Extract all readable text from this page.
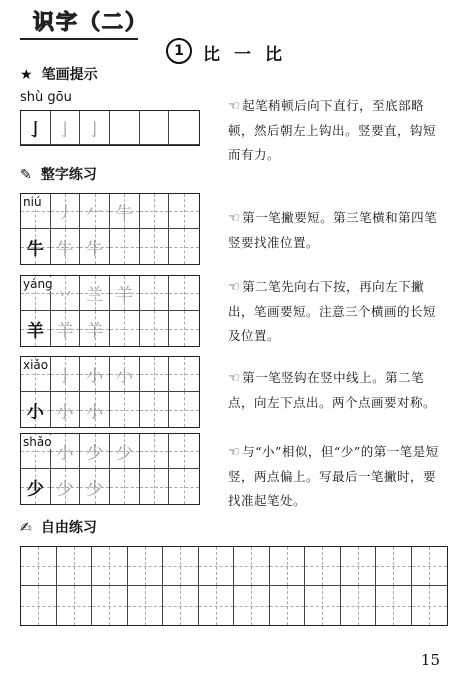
识字（二）
1	比一比
★ 笔画提示
shù gōu
亅 亅 亅
☜ 起笔稍顿后向下直行，至底部略顿，然后朝左上钩出。竖要直，钩短而有力。
✎ 整字练习
niú
丿 𠂉 牛
牛 牛 牛
☜ 第一笔撇要短。第三笔横和第四笔竖要找准位置。
yáng
丷 兰 羊
羊 羊 羊
☜ 第二笔先向右下按，再向左下撇出，笔画要短。注意三个横画的长短及位置。
xiǎo
亅 小 小
小 小 小
☜ 第一笔竖钩在竖中线上。第二笔点，向左下点出。两个点画要对称。
shǎo
小 少 少
少 少 少
☜ 与“小”相似，但“少”的第一笔是短竖，两点偏上。写最后一笔撇时，要找准起笔处。
✍ 自由练习
15
